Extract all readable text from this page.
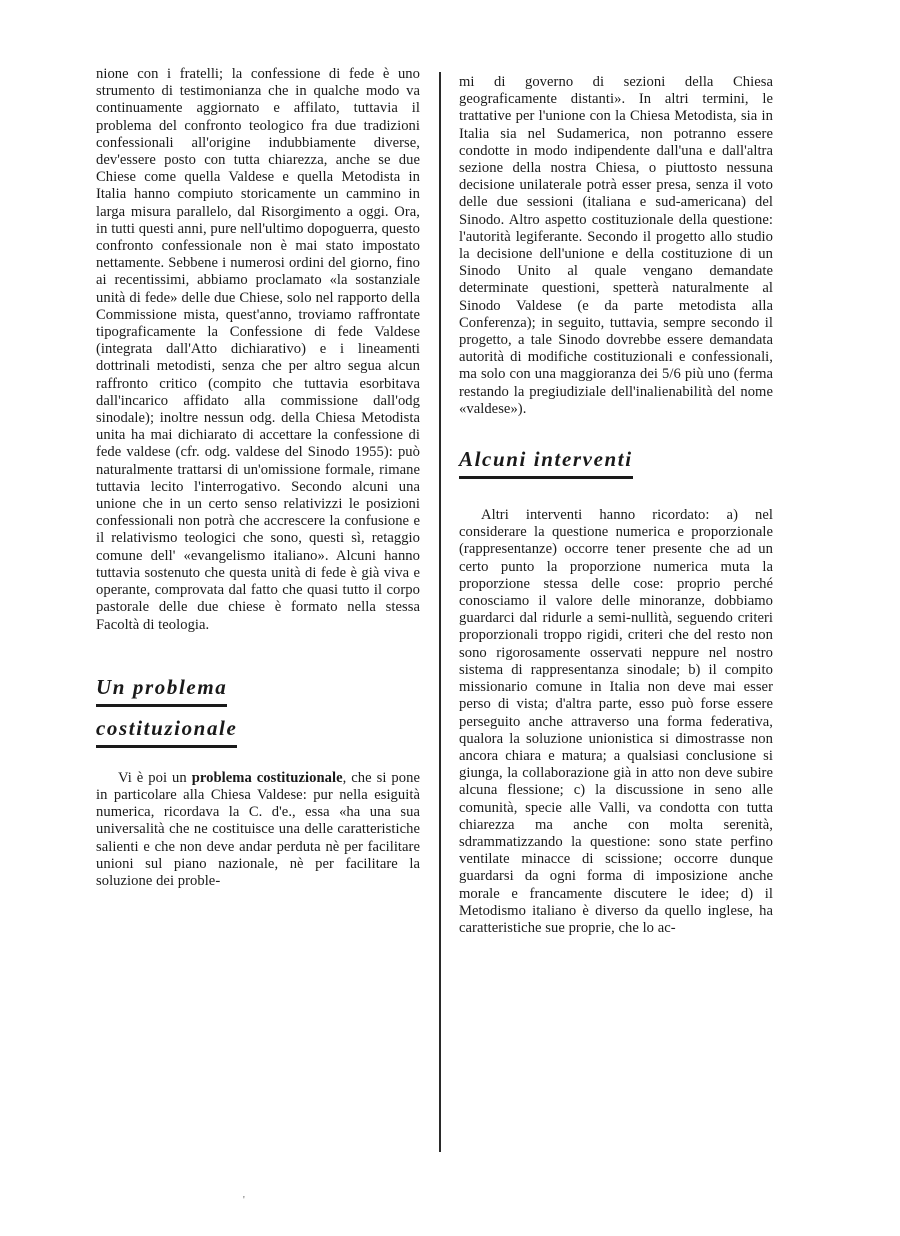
nione con i fratelli; la confessione di fede è uno strumento di testimonianza che in qualche modo va continuamente aggiornato e affilato, tuttavia il problema del confronto teologico fra due tradizioni confessionali all'origine indubbiamente diverse, dev'essere posto con tutta chiarezza, anche se due Chiese come quella Valdese e quella Metodista in Italia hanno compiuto storicamente un cammino in larga misura parallelo, dal Risorgimento a oggi. Ora, in tutti questi anni, pure nell'ultimo dopoguerra, questo confronto confessionale non è mai stato impostato nettamente. Sebbene i numerosi ordini del giorno, fino ai recentissimi, abbiamo proclamato «la sostanziale unità di fede» delle due Chiese, solo nel rapporto della Commissione mista, quest'anno, troviamo raffrontate tipograficamente la Confessione di fede Valdese (integrata dall'Atto dichiarativo) e i lineamenti dottrinali metodisti, senza che per altro segua alcun raffronto critico (compito che tuttavia esorbitava dall'incarico affidato alla commissione dall'odg sinodale); inoltre nessun odg. della Chiesa Metodista unita ha mai dichiarato di accettare la confessione di fede valdese (cfr. odg. valdese del Sinodo 1955): può naturalmente trattarsi di un'omissione formale, rimane tuttavia lecito l'interrogativo. Secondo alcuni una unione che in un certo senso relativizzi le posizioni confessionali non potrà che accrescere la confusione e il relativismo teologici che sono, questi sì, retaggio comune dell' «evangelismo italiano». Alcuni hanno tuttavia sostenuto che questa unità di fede è già viva e operante, comprovata dal fatto che quasi tutto il corpo pastorale delle due chiese è formato nella stessa Facoltà di teologia.

Un problema
costituzionale

Vi è poi un problema costituzionale, che si pone in particolare alla Chiesa Valdese: pur nella esiguità numerica, ricordava la C. d'e., essa «ha una sua universalità che ne costituisce una delle caratteristiche salienti e che non deve andar perduta nè per facilitare unioni sul piano nazionale, nè per facilitare la soluzione dei proble-

mi di governo di sezioni della Chiesa geograficamente distanti». In altri termini, le trattative per l'unione con la Chiesa Metodista, sia in Italia sia nel Sudamerica, non potranno essere condotte in modo indipendente dall'una e dall'altra sezione della nostra Chiesa, o piuttosto nessuna decisione unilaterale potrà esser presa, senza il voto delle due sessioni (italiana e sud-americana) del Sinodo. Altro aspetto costituzionale della questione: l'autorità legiferante. Secondo il progetto allo studio la decisione dell'unione e della costituzione di un Sinodo Unito al quale vengano demandate determinate questioni, spetterà naturalmente al Sinodo Valdese (e da parte metodista alla Conferenza); in seguito, tuttavia, sempre secondo il progetto, a tale Sinodo dovrebbe essere demandata autorità di modifiche costituzionali e confessionali, ma solo con una maggioranza dei 5/6 più uno (ferma restando la pregiudiziale dell'inalienabilità del nome «valdese»).

Alcuni interventi

Altri interventi hanno ricordato: a) nel considerare la questione numerica e proporzionale (rappresentanze) occorre tener presente che ad un certo punto la proporzione numerica muta la proporzione stessa delle cose: proprio perché conosciamo il valore delle minoranze, dobbiamo guardarci dal ridurle a semi-nullità, seguendo criteri proporzionali troppo rigidi, criteri che del resto non sono rigorosamente osservati neppure nel nostro sistema di rappresentanza sinodale; b) il compito missionario comune in Italia non deve mai esser perso di vista; d'altra parte, esso può forse essere perseguito anche attraverso una forma federativa, qualora la soluzione unionistica si dimostrasse non ancora chiara e matura; a qualsiasi conclusione si giunga, la collaborazione già in atto non deve subire alcuna flessione; c) la discussione in seno alle comunità, specie alle Valli, va condotta con tutta chiarezza ma anche con molta serenità, sdrammatizzando la questione: sono state perfino ventilate minacce di scissione; occorre dunque guardarsi da ogni forma di imposizione anche morale e francamente discutere le idee; d) il Metodismo italiano è diverso da quello inglese, ha caratteristiche sue proprie, che lo ac-

'
